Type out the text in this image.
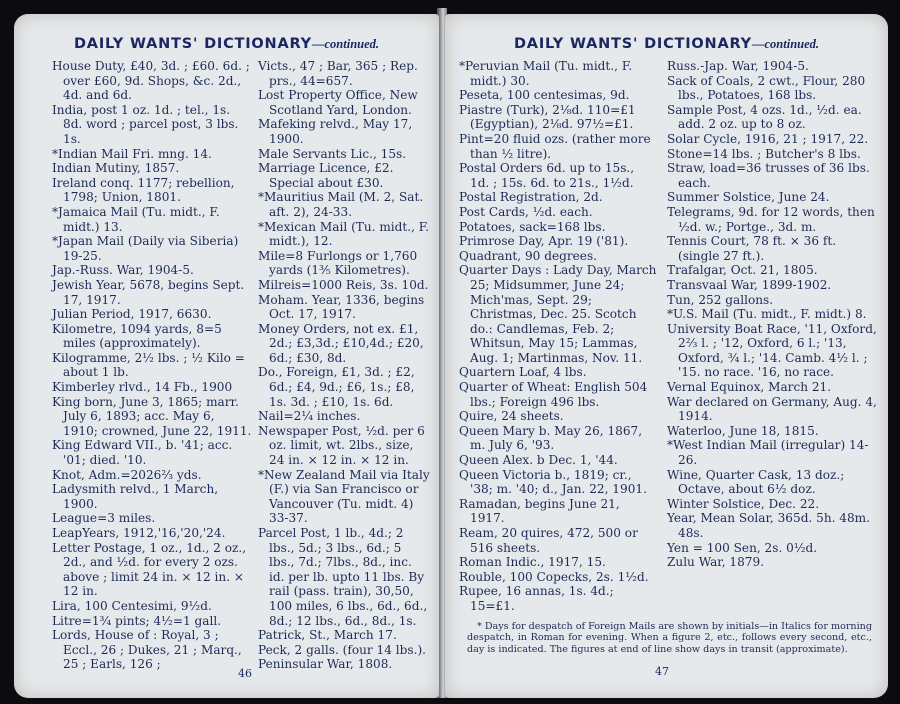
DAILY WANTS' DICTIONARY—continued.

House Duty, £40, 3d. ; £60. 6d. ; over £60, 9d. Shops, &c. 2d., 4d. and 6d.

India, post 1 oz. 1d. ; tel., 1s. 8d. word ; parcel post, 3 lbs. 1s.

*Indian Mail Fri. mng. 14.

Indian Mutiny, 1857.

Ireland conq. 1177; rebellion, 1798; Union, 1801.

*Jamaica Mail (Tu. midt., F. midt.) 13.

*Japan Mail (Daily via Siberia) 19-25.

Jap.-Russ. War, 1904-5.

Jewish Year, 5678, begins Sept. 17, 1917.

Julian Period, 1917, 6630.

Kilometre, 1094 yards, 8=5 miles (approximately).

Kilogramme, 2½ lbs. ; ½ Kilo = about 1 lb.

Kimberley rlvd., 14 Fb., 1900

King born, June 3, 1865; marr. July 6, 1893; acc. May 6, 1910; crowned, June 22, 1911.

King Edward VII., b. '41; acc. '01; died. '10.

Knot, Adm.=2026⅔ yds.

Ladysmith relvd., 1 March, 1900.

League=3 miles.

LeapYears, 1912,'16,'20,'24.

Letter Postage, 1 oz., 1d., 2 oz., 2d., and ½d. for every 2 ozs. above ; limit 24 in. × 12 in. × 12 in.

Lira, 100 Centesimi, 9½d.

Litre=1¾ pints; 4½=1 gall.

Lords, House of : Royal, 3 ; Eccl., 26 ; Dukes, 21 ; Marq., 25 ; Earls, 126 ;

Victs., 47 ; Bar, 365 ; Rep. prs., 44=657.

Lost Property Office, New Scotland Yard, London.

Mafeking relvd., May 17, 1900.

Male Servants Lic., 15s.

Marriage Licence, £2. Special about £30.

*Mauritius Mail (M. 2, Sat. aft. 2), 24-33.

*Mexican Mail (Tu. midt., F. midt.), 12.

Mile=8 Furlongs or 1,760 yards (1⅗ Kilometres).

Milreis=1000 Reis, 3s. 10d.

Moham. Year, 1336, begins Oct. 17, 1917.

Money Orders, not ex. £1, 2d.; £3,3d.; £10,4d.; £20, 6d.; £30, 8d.

Do., Foreign, £1, 3d. ; £2, 6d.; £4, 9d.; £6, 1s.; £8, 1s. 3d. ; £10, 1s. 6d.

Nail=2¼ inches.

Newspaper Post, ½d. per 6 oz. limit, wt. 2lbs., size, 24 in. × 12 in. × 12 in.

*New Zealand Mail via Italy (F.) via San Francisco or Vancouver (Tu. midt. 4) 33-37.

Parcel Post, 1 lb., 4d.; 2 lbs., 5d.; 3 lbs., 6d.; 5 lbs., 7d.; 7lbs., 8d., inc. id. per lb. upto 11 lbs. By rail (pass. train), 30,50, 100 miles, 6 lbs., 6d., 6d., 8d.; 12 lbs., 6d., 8d., 1s.

Patrick, St., March 17.

Peck, 2 galls. (four 14 lbs.).

Peninsular War, 1808.

46
DAILY WANTS' DICTIONARY—continued.

*Peruvian Mail (Tu. midt., F. midt.) 30.

Peseta, 100 centesimas, 9d.

Piastre (Turk), 2⅛d. 110=£1 (Egyptian), 2⅛d. 97½=£1.

Pint=20 fluid ozs. (rather more than ½ litre).

Postal Orders 6d. up to 15s., 1d. ; 15s. 6d. to 21s., 1½d.

Postal Registration, 2d.

Post Cards, ½d. each.

Potatoes, sack=168 lbs.

Primrose Day, Apr. 19 ('81).

Quadrant, 90 degrees.

Quarter Days : Lady Day, March 25; Midsummer, June 24; Mich'mas, Sept. 29; Christmas, Dec. 25. Scotch do.: Candlemas, Feb. 2; Whitsun, May 15; Lammas, Aug. 1; Martinmas, Nov. 11.

Quartern Loaf, 4 lbs.

Quarter of Wheat: English 504 lbs.; Foreign 496 lbs.

Quire, 24 sheets.

Queen Mary b. May 26, 1867, m. July 6, '93.

Queen Alex. b Dec. 1, '44.

Queen Victoria b., 1819; cr., '38; m. '40; d., Jan. 22, 1901.

Ramadan, begins June 21, 1917.

Ream, 20 quires, 472, 500 or 516 sheets.

Roman Indic., 1917, 15.

Rouble, 100 Copecks, 2s. 1½d.

Rupee, 16 annas, 1s. 4d.; 15=£1.

Russ.-Jap. War, 1904-5.

Sack of Coals, 2 cwt., Flour, 280 lbs., Potatoes, 168 lbs.

Sample Post, 4 ozs. 1d., ½d. ea. add. 2 oz. up to 8 oz.

Solar Cycle, 1916, 21 ; 1917, 22.

Stone=14 lbs. ; Butcher's 8 lbs.

Straw, load=36 trusses of 36 lbs. each.

Summer Solstice, June 24.

Telegrams, 9d. for 12 words, then ½d. w.; Portge., 3d. m.

Tennis Court, 78 ft. × 36 ft. (single 27 ft.).

Trafalgar, Oct. 21, 1805.

Transvaal War, 1899-1902.

Tun, 252 gallons.

*U.S. Mail (Tu. midt., F. midt.) 8.

University Boat Race, '11, Oxford, 2⅔ l. ; '12, Oxford, 6 l.; '13, Oxford, ¾ l.; '14. Camb. 4½ l. ; '15. no race. '16, no race.

Vernal Equinox, March 21.

War declared on Germany, Aug. 4, 1914.

Waterloo, June 18, 1815.

*West Indian Mail (irregular) 14-26.

Wine, Quarter Cask, 13 doz.; Octave, about 6½ doz.

Winter Solstice, Dec. 22.

Year, Mean Solar, 365d. 5h. 48m. 48s.

Yen = 100 Sen, 2s. 0½d.

Zulu War, 1879.

* Days for despatch of Foreign Mails are shown by initials—in Italics for morning despatch, in Roman for evening. When a figure 2, etc., follows every second, etc., day is indicated. The figures at end of line show days in transit (approximate).
47
